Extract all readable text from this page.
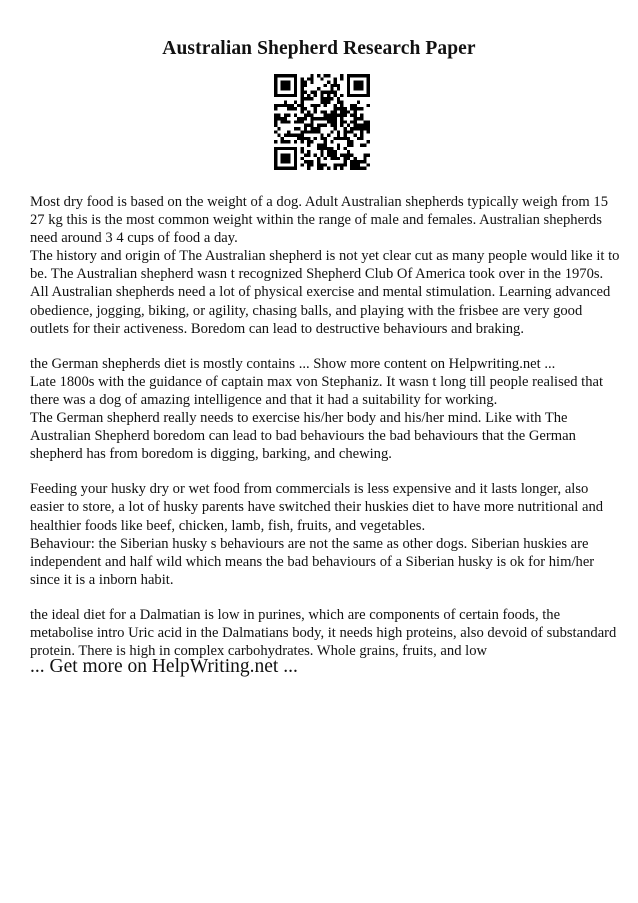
Australian Shepherd Research Paper

Most dry food is based on the weight of a dog. Adult Australian shepherds typically weigh from 15 27 kg this is the most common weight within the range of male and females. Australian shepherds need around 3 4 cups of food a day.

The history and origin of The Australian shepherd is not yet clear cut as many people would like it to be. The Australian shepherd wasn t recognized Shepherd Club Of America took over in the 1970s. All Australian shepherds need a lot of physical exercise and mental stimulation. Learning advanced obedience, jogging, biking, or agility, chasing balls, and playing with the frisbee are very good outlets for their activeness. Boredom can lead to destructive behaviours and braking.

the German shepherds diet is mostly contains ... Show more content on Helpwriting.net ...

Late 1800s with the guidance of captain max von Stephaniz. It wasn t long till people realised that there was a dog of amazing intelligence and that it had a suitability for working.

The German shepherd really needs to exercise his/her body and his/her mind. Like with The Australian Shepherd boredom can lead to bad behaviours the bad behaviours that the German shepherd has from boredom is digging, barking, and chewing.

Feeding your husky dry or wet food from commercials is less expensive and it lasts longer, also easier to store, a lot of husky parents have switched their huskies diet to have more nutritional and healthier foods like beef, chicken, lamb, fish, fruits, and vegetables.

Behaviour: the Siberian husky s behaviours are not the same as other dogs. Siberian huskies are independent and half wild which means the bad behaviours of a Siberian husky is ok for him/her since it is a inborn habit.

the ideal diet for a Dalmatian is low in purines, which are components of certain foods, the metabolise intro Uric acid in the Dalmatians body, it needs high proteins, also devoid of substandard protein. There is high in complex carbohydrates. Whole grains, fruits, and low

... Get more on HelpWriting.net ...
